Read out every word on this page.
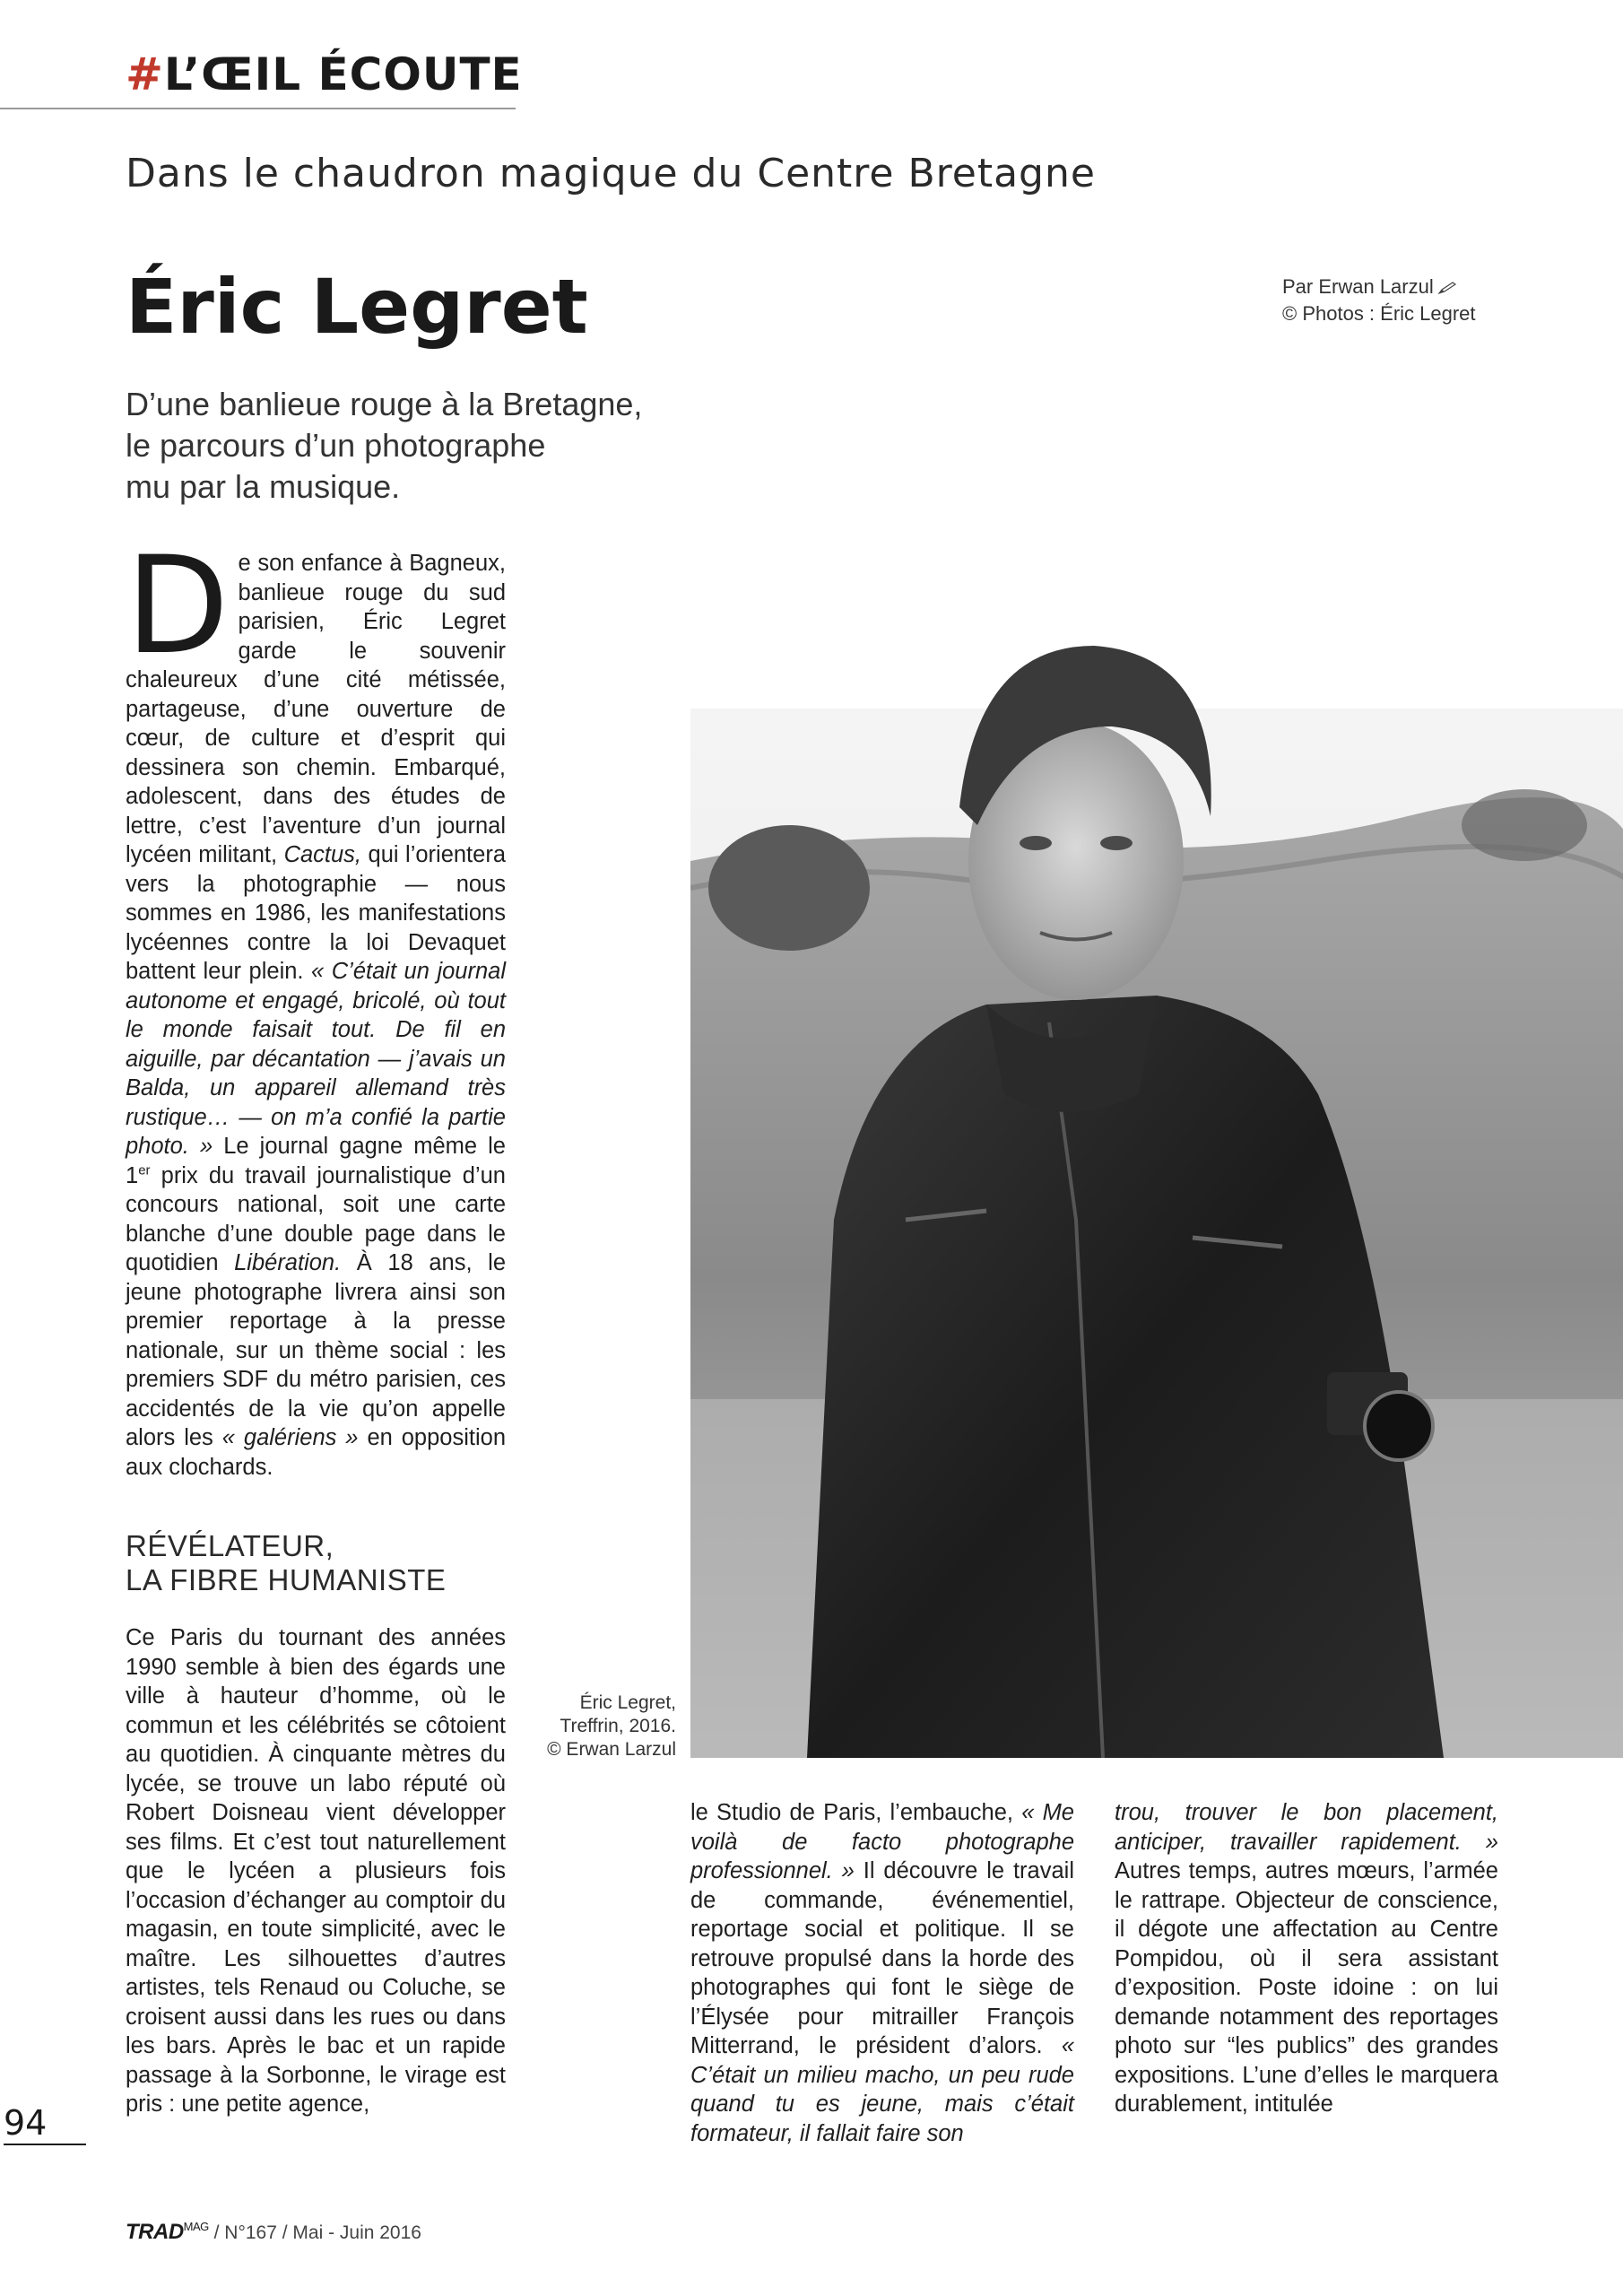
#L’ŒIL ÉCOUTE
Dans le chaudron magique du Centre Bretagne
Éric Legret	Par Erwan Larzul
© Photos : Éric Legret
D’une banlieue rouge à la Bretagne,
le parcours d’un photographe
mu par la musique.
D e son enfance à Bagneux, banlieue rouge du sud parisien, Éric Legret garde le souvenir chaleureux d’une cité métissée, partageuse, d’une ouverture de cœur, de culture et d’esprit qui dessinera son chemin. Embarqué, adolescent, dans des études de lettre, c’est l’aventure d’un journal lycéen militant, Cactus, qui l’orientera vers la photographie — nous sommes en 1986, les manifestations lycéennes contre la loi Devaquet battent leur plein. « C’était un journal autonome et engagé, bricolé, où tout le monde faisait tout. De fil en aiguille, par décantation — j’avais un Balda, un appareil allemand très rustique… — on m’a confié la partie photo. » Le journal gagne même le 1er prix du travail journalistique d’un concours national, soit une carte blanche d’une double page dans le quotidien Libération. À 18 ans, le jeune photographe livrera ainsi son premier reportage à la presse nationale, sur un thème social : les premiers SDF du métro parisien, ces accidentés de la vie qu’on appelle alors les « galériens » en opposition aux clochards.

RÉVÉLATEUR,
LA FIBRE HUMANISTE

Ce Paris du tournant des années 1990 semble à bien des égards une ville à hauteur d’homme, où le commun et les célébrités se côtoient au quotidien. À cinquante mètres du lycée, se trouve un labo réputé où Robert Doisneau vient développer ses films. Et c’est tout naturellement que le lycéen a plusieurs fois l’occasion d’échanger au comptoir du magasin, en toute simplicité, avec le maître. Les silhouettes d’autres artistes, tels Renaud ou Coluche, se croisent aussi dans les rues ou dans les bars. Après le bac et un rapide passage à la Sorbonne, le virage est pris : une petite agence,

Éric Legret,
Treffrin, 2016.
© Erwan Larzul

le Studio de Paris, l’embauche, « Me voilà de facto photographe professionnel. » Il découvre le travail de commande, événementiel, reportage social et politique. Il se retrouve propulsé dans la horde des photographes qui font le siège de l’Élysée pour mitrailler François Mitterrand, le président d’alors. « C’était un milieu macho, un peu rude quand tu es jeune, mais c’était formateur, il fallait faire son

trou, trouver le bon placement, anticiper, travailler rapidement. » Autres temps, autres mœurs, l’armée le rattrape. Objecteur de conscience, il dégote une affectation au Centre Pompidou, où il sera assistant d’exposition. Poste idoine : on lui demande notamment des reportages photo sur “les publics” des grandes expositions. L’une d’elles le marquera durablement, intitulée

94
$TRAD^{MAG} / N^\circ 167$ / Mai - Juin 2016
